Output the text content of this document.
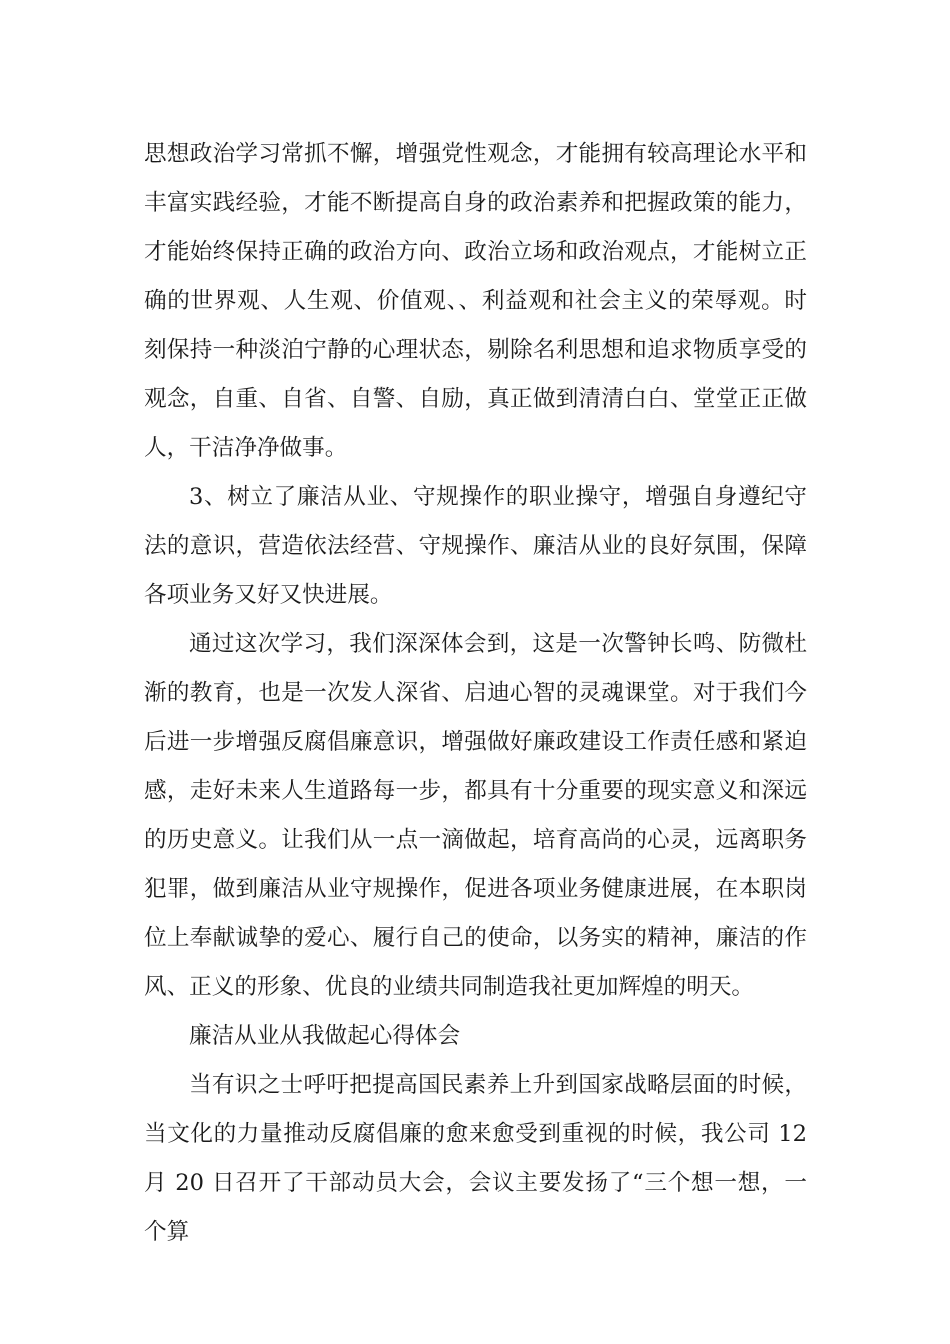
思想政治学习常抓不懈，增强党性观念，才能拥有较高理论水平和丰富实践经验，才能不断提高自身的政治素养和把握政策的能力，才能始终保持正确的政治方向、政治立场和政治观点，才能树立正确的世界观、人生观、价值观、、利益观和社会主义的荣辱观。时刻保持一种淡泊宁静的心理状态，剔除名利思想和追求物质享受的观念，自重、自省、自警、自励，真正做到清清白白、堂堂正正做人，干洁净净做事。

3、树立了廉洁从业、守规操作的职业操守，增强自身遵纪守法的意识，营造依法经营、守规操作、廉洁从业的良好氛围，保障各项业务又好又快进展。

通过这次学习，我们深深体会到，这是一次警钟长鸣、防微杜渐的教育，也是一次发人深省、启迪心智的灵魂课堂。对于我们今后进一步增强反腐倡廉意识，增强做好廉政建设工作责任感和紧迫感，走好未来人生道路每一步，都具有十分重要的现实意义和深远的历史意义。让我们从一点一滴做起，培育高尚的心灵，远离职务犯罪，做到廉洁从业守规操作，促进各项业务健康进展，在本职岗位上奉献诚挚的爱心、履行自己的使命，以务实的精神，廉洁的作风、正义的形象、优良的业绩共同制造我社更加辉煌的明天。

廉洁从业从我做起心得体会

当有识之士呼吁把提高国民素养上升到国家战略层面的时候，当文化的力量推动反腐倡廉的愈来愈受到重视的时候，我公司 12 月 20 日召开了干部动员大会，会议主要发扬了“三个想一想，一个算
